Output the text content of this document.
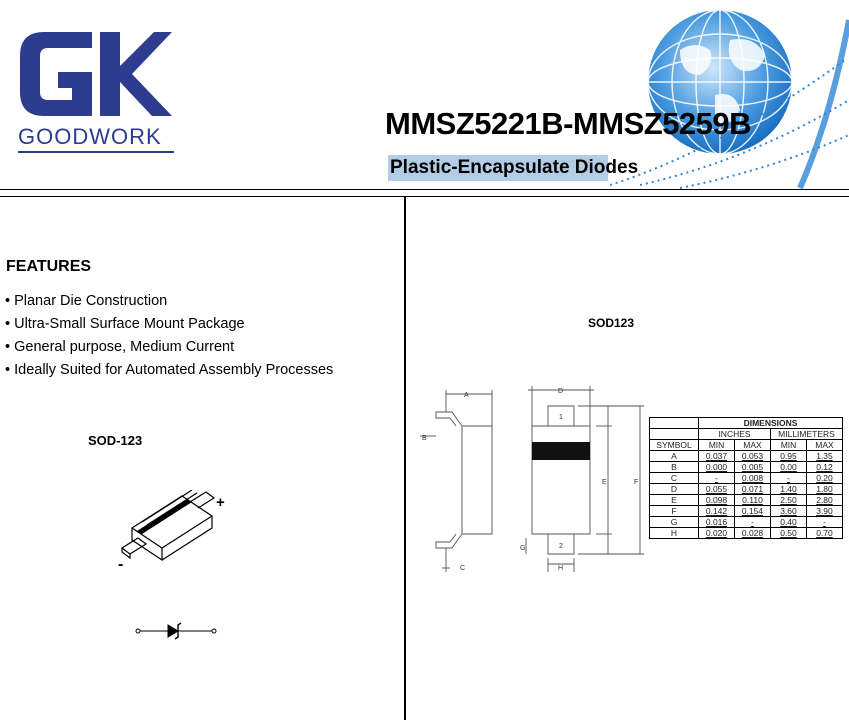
GK
GOODWORK	MMSZ5221B-MMSZ5259B
Plastic-Encapsulate Diodes
FEATURES
• Planar Die Construction
• Ultra-Small Surface Mount Package
• General purpose, Medium Current
• Ideally Suited for Automated Assembly Processes
SOD-123
SOD123
+
-
A
B
C
D
E	F
G
H
1
2
	DIMENSIONS			
	INCHES		MILLIMETERS	
SYMBOL	MIN	MAX	MIN	MAX
A	0.037	0.053	0.95	1.35
B	0.000	0.005	0.00	0.12
C	-	0.008	-	0.20
D	0.055	0.071	1.40	1.80
E	0.098	0.110	2.50	2.80
F	0.142	0.154	3.60	3.90
G	0.016	-	0.40	-
H	0.020	0.028	0.50	0.70
